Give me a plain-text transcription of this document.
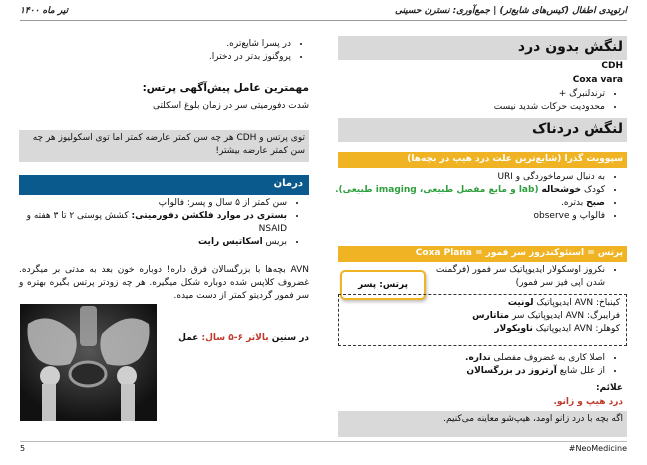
تیر ماه ۱۴۰۰	ارتوپدی اطفال (کیس‌های شایع‌تر) | جمع‌آوری: نسترن حسینی
لنگش بدون درد
CDH
Coxa vara
• ترندلنبرگ +
• محدودیت حرکات شدید نیست
لنگش دردناک
سپوویت گذرا (شایع‌ترین علت درد هیپ در بچه‌ها)
• به دنبال سرماخوردگی و URI
• کودک خوشحاله (lab و مایع مفصل طبیعی، imaging طبیعی).
• صبح بدتره.
• فالواپ و observe
پرتس = استئوکندروز سر فمور = Coxa Plana
• نکروز اوسکولار ایدیوپاتیک سر فمور (فرگمنت شدن اپی فیز سر فمور)
پرتس: پسر
کینباخ: AVN ایدیوپاتیک لونیت
فرایبرگ: AVN ایدیوپاتیک سر متاتارس
کوهلر: AVN ایدیوپاتیک ناویکولار
• اصلا کاری به غضروف مفصلی نداره.
• از علل شایع آرتروز در بزرگسالان
علائم:
درد هیپ و زانو.
اگه بچه با درد زانو اومد، هیپ‌شو معاینه می‌کنیم.
• در پسرا شایع‌تره.
• پروگنوز بدتر در دخترا.
مهمترین عامل پیش‌آگهی پرتس:
شدت دفورمیتی سر در زمان بلوغ اسکلتی
توی پرتس و CDH هر چه سن کمتر عارضه کمتر اما توی اسکولیوز هر چه سن کمتر عارضه بیشتر!
درمان
• سن کمتر از ۵ سال و پسر: فالواپ
• بستری در موارد فلکشن دفورمیتی: کشش پوستی ۲ تا ۳ هفته و NSAID
• بریس اسکاتیس رایت
AVN بچه‌ها با بزرگسالان فرق داره! دوباره خون بعد به مدتی بر میگرده. غضروف کلاپس شده دوباره شکل میگیره. هر چه زودتر پرتس بگیره بهتره و سر فمور گردیتو کمتر از دست میده.
در سنین بالاتر ۶-۵ سال: عمل
5	#NeoMedicine
